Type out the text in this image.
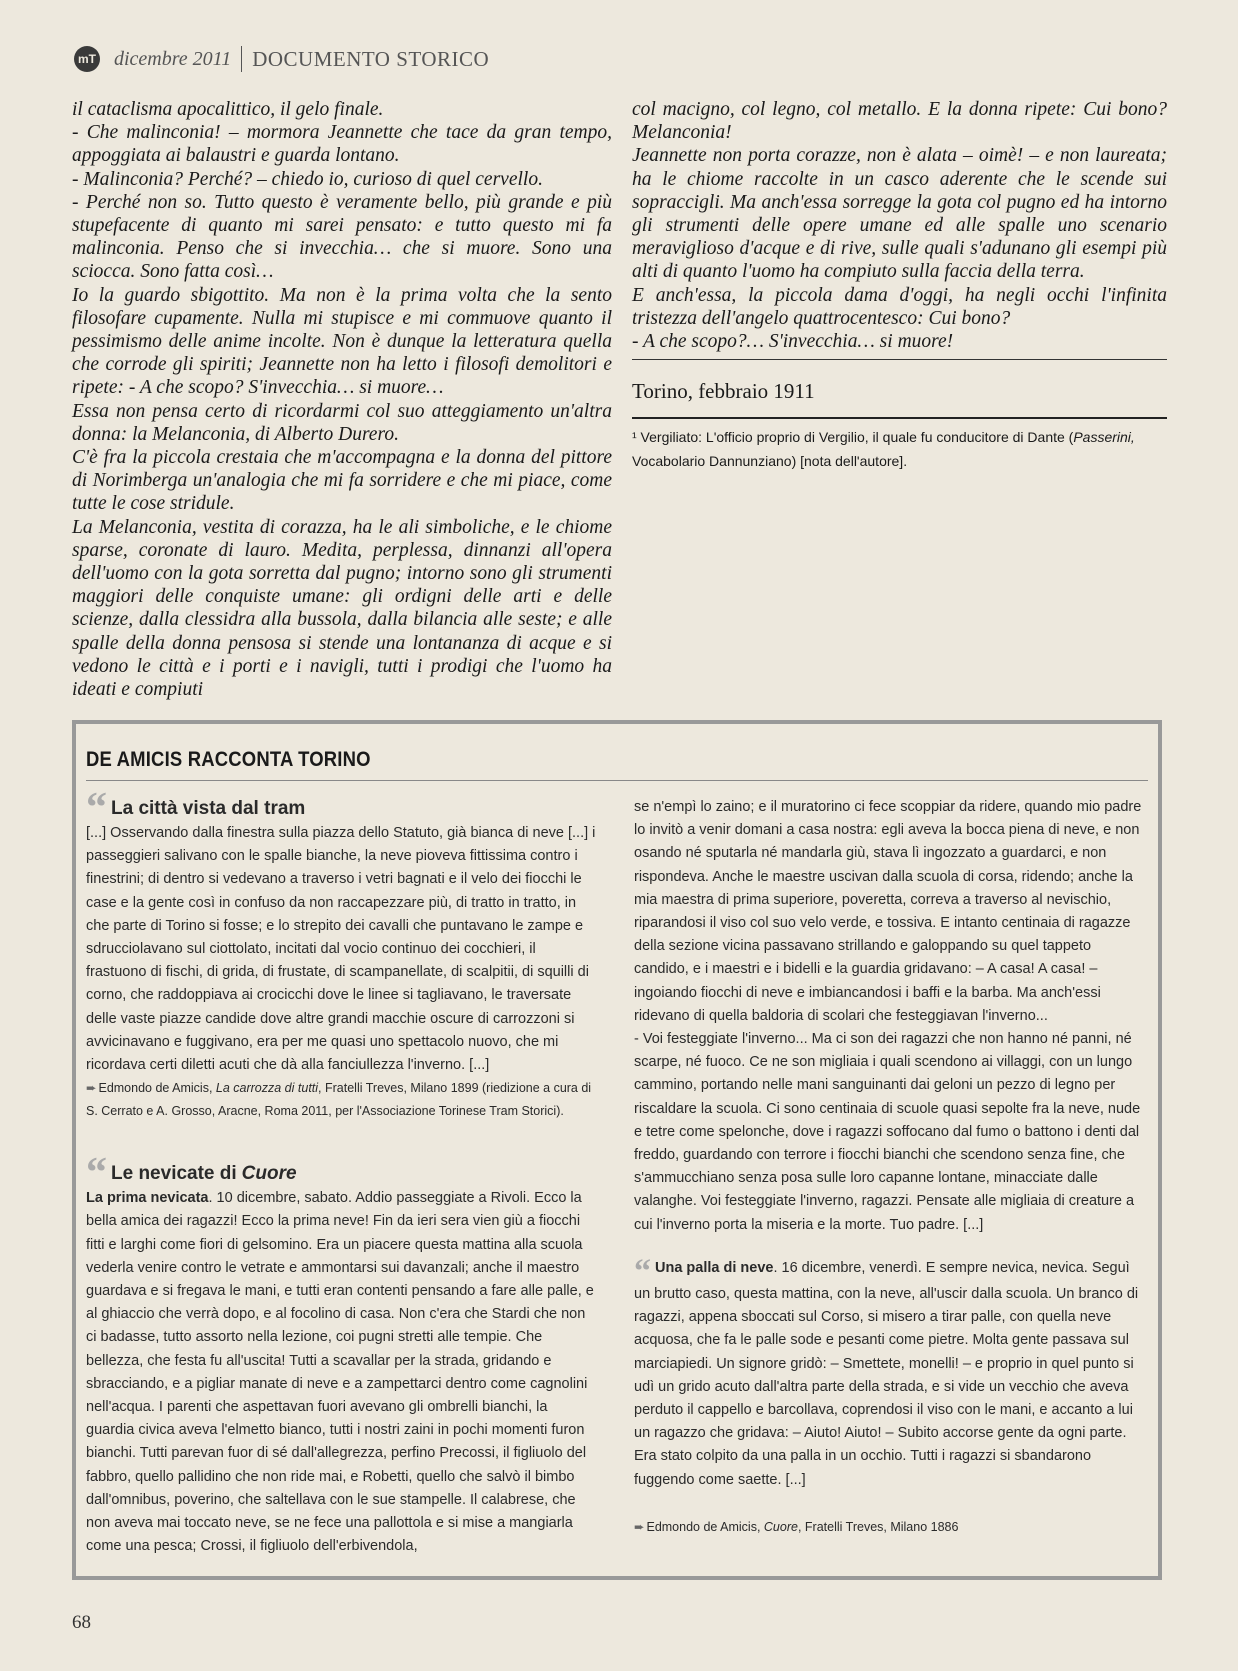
mT dicembre 2011 DOCUMENTO STORICO

il cataclisma apocalittico, il gelo finale.

- Che malinconia! – mormora Jeannette che tace da gran tempo, appoggiata ai balaustri e guarda lontano.

- Malinconia? Perché? – chiedo io, curioso di quel cervello.

- Perché non so. Tutto questo è veramente bello, più grande e più stupefacente di quanto mi sarei pensato: e tutto questo mi fa malinconia. Penso che si invecchia… che si muore. Sono una sciocca. Sono fatta così…

Io la guardo sbigottito. Ma non è la prima volta che la sento filosofare cupamente. Nulla mi stupisce e mi commuove quanto il pessimismo delle anime incolte. Non è dunque la letteratura quella che corrode gli spiriti; Jeannette non ha letto i filosofi demolitori e ripete: - A che scopo? S'invecchia… si muore…

Essa non pensa certo di ricordarmi col suo atteggiamento un'altra donna: la Melanconia, di Alberto Durero.

C'è fra la piccola crestaia che m'accompagna e la donna del pittore di Norimberga un'analogia che mi fa sorridere e che mi piace, come tutte le cose stridule.

La Melanconia, vestita di corazza, ha le ali simboliche, e le chiome sparse, coronate di lauro. Medita, perplessa, dinnanzi all'opera dell'uomo con la gota sorretta dal pugno; intorno sono gli strumenti maggiori delle conquiste umane: gli ordigni delle arti e delle scienze, dalla clessidra alla bussola, dalla bilancia alle seste; e alle spalle della donna pensosa si stende una lontananza di acque e si vedono le città e i porti e i navigli, tutti i prodigi che l'uomo ha ideati e compiuti

col macigno, col legno, col metallo. E la donna ripete: Cui bono? Melanconia!

Jeannette non porta corazze, non è alata – oimè! – e non laureata; ha le chiome raccolte in un casco aderente che le scende sui sopraccigli. Ma anch'essa sorregge la gota col pugno ed ha intorno gli strumenti delle opere umane ed alle spalle uno scenario meraviglioso d'acque e di rive, sulle quali s'adunano gli esempi più alti di quanto l'uomo ha compiuto sulla faccia della terra.

E anch'essa, la piccola dama d'oggi, ha negli occhi l'infinita tristezza dell'angelo quattrocentesco: Cui bono?

- A che scopo?… S'invecchia… si muore!

Torino, febbraio 1911

¹ Vergiliato: L'officio proprio di Vergilio, il quale fu conducitore di Dante (Passerini, Vocabolario Dannunziano) [nota dell'autore].

DE AMICIS RACCONTA TORINO
“ La città vista dal tram

[...] Osservando dalla finestra sulla piazza dello Statuto, già bianca di neve [...] i passeggieri salivano con le spalle bianche, la neve pioveva fittissima contro i finestrini; di dentro si vedevano a traverso i vetri bagnati e il velo dei fiocchi le case e la gente così in confuso da non raccapezzare più, di tratto in tratto, in che parte di Torino si fosse; e lo strepito dei cavalli che puntavano le zampe e sdrucciolavano sul ciottolato, incitati dal vocio continuo dei cocchieri, il frastuono di fischi, di grida, di frustate, di scampanellate, di scalpitii, di squilli di corno, che raddoppiava ai crocicchi dove le linee si tagliavano, le traversate delle vaste piazze candide dove altre grandi macchie oscure di carrozzoni si avvicinavano e fuggivano, era per me quasi uno spettacolo nuovo, che mi ricordava certi diletti acuti che dà alla fanciullezza l'inverno. [...]

➨ Edmondo de Amicis, La carrozza di tutti, Fratelli Treves, Milano 1899 (riedizione a cura di S. Cerrato e A. Grosso, Aracne, Roma 2011, per l'Associazione Torinese Tram Storici).

“ Le nevicate di Cuore

La prima nevicata. 10 dicembre, sabato. Addio passeggiate a Rivoli. Ecco la bella amica dei ragazzi! Ecco la prima neve! Fin da ieri sera vien giù a fiocchi fitti e larghi come fiori di gelsomino. Era un piacere questa mattina alla scuola vederla venire contro le vetrate e ammontarsi sui davanzali; anche il maestro guardava e si fregava le mani, e tutti eran contenti pensando a fare alle palle, e al ghiaccio che verrà dopo, e al focolino di casa. Non c'era che Stardi che non ci badasse, tutto assorto nella lezione, coi pugni stretti alle tempie. Che bellezza, che festa fu all'uscita! Tutti a scavallar per la strada, gridando e sbracciando, e a pigliar manate di neve e a zampettarci dentro come cagnolini nell'acqua. I parenti che aspettavan fuori avevano gli ombrelli bianchi, la guardia civica aveva l'elmetto bianco, tutti i nostri zaini in pochi momenti furon bianchi. Tutti parevan fuor di sé dall'allegrezza, perfino Precossi, il figliuolo del fabbro, quello pallidino che non ride mai, e Robetti, quello che salvò il bimbo dall'omnibus, poverino, che saltellava con le sue stampelle. Il calabrese, che non aveva mai toccato neve, se ne fece una pallottola e si mise a mangiarla come una pesca; Crossi, il figliuolo dell'erbivendola,

se n'empì lo zaino; e il muratorino ci fece scoppiar da ridere, quando mio padre lo invitò a venir domani a casa nostra: egli aveva la bocca piena di neve, e non osando né sputarla né mandarla giù, stava lì ingozzato a guardarci, e non rispondeva. Anche le maestre uscivan dalla scuola di corsa, ridendo; anche la mia maestra di prima superiore, poveretta, correva a traverso al nevischio, riparandosi il viso col suo velo verde, e tossiva. E intanto centinaia di ragazze della sezione vicina passavano strillando e galoppando su quel tappeto candido, e i maestri e i bidelli e la guardia gridavano: – A casa! A casa! – ingoiando fiocchi di neve e imbiancandosi i baffi e la barba. Ma anch'essi ridevano di quella baldoria di scolari che festeggiavan l'inverno...

- Voi festeggiate l'inverno... Ma ci son dei ragazzi che non hanno né panni, né scarpe, né fuoco. Ce ne son migliaia i quali scendono ai villaggi, con un lungo cammino, portando nelle mani sanguinanti dai geloni un pezzo di legno per riscaldare la scuola. Ci sono centinaia di scuole quasi sepolte fra la neve, nude e tetre come spelonche, dove i ragazzi soffocano dal fumo o battono i denti dal freddo, guardando con terrore i fiocchi bianchi che scendono senza fine, che s'ammucchiano senza posa sulle loro capanne lontane, minacciate dalle valanghe. Voi festeggiate l'inverno, ragazzi. Pensate alle migliaia di creature a cui l'inverno porta la miseria e la morte. Tuo padre. [...]

“ Una palla di neve. 16 dicembre, venerdì. E sempre nevica, nevica. Seguì un brutto caso, questa mattina, con la neve, all'uscir dalla scuola. Un branco di ragazzi, appena sboccati sul Corso, si misero a tirar palle, con quella neve acquosa, che fa le palle sode e pesanti come pietre. Molta gente passava sul marciapiedi. Un signore gridò: – Smettete, monelli! – e proprio in quel punto si udì un grido acuto dall'altra parte della strada, e si vide un vecchio che aveva perduto il cappello e barcollava, coprendosi il viso con le mani, e accanto a lui un ragazzo che gridava: – Aiuto! Aiuto! – Subito accorse gente da ogni parte. Era stato colpito da una palla in un occhio. Tutti i ragazzi si sbandarono fuggendo come saette. [...]

➨ Edmondo de Amicis, Cuore, Fratelli Treves, Milano 1886

68
